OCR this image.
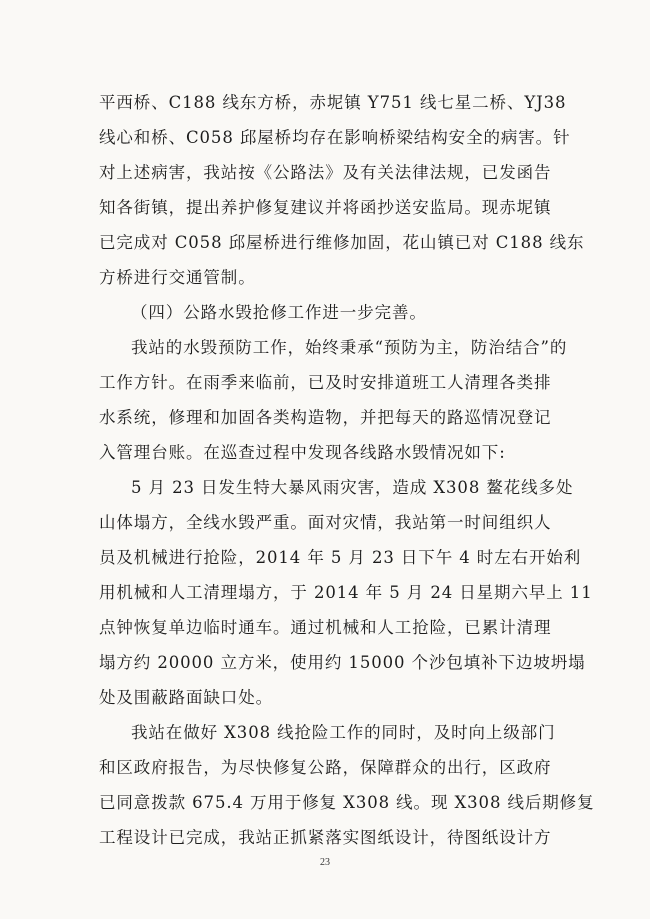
平西桥、C188 线东方桥，赤坭镇 Y751 线七星二桥、YJ38
线心和桥、C058 邱屋桥均存在影响桥梁结构安全的病害。针
对上述病害，我站按《公路法》及有关法律法规，已发函告
知各街镇，提出养护修复建议并将函抄送安监局。现赤坭镇
已完成对 C058 邱屋桥进行维修加固，花山镇已对 C188 线东
方桥进行交通管制。
（四）公路水毁抢修工作进一步完善。
我站的水毁预防工作，始终秉承“预防为主，防治结合”的
工作方针。在雨季来临前，已及时安排道班工人清理各类排
水系统，修理和加固各类构造物，并把每天的路巡情况登记
入管理台账。在巡查过程中发现各线路水毁情况如下:
5 月 23 日发生特大暴风雨灾害，造成 X308 鳌花线多处
山体塌方，全线水毁严重。面对灾情，我站第一时间组织人
员及机械进行抢险，2014 年 5 月 23 日下午 4 时左右开始利
用机械和人工清理塌方，于 2014 年 5 月 24 日星期六早上 11
点钟恢复单边临时通车。通过机械和人工抢险，已累计清理
塌方约 20000 立方米，使用约 15000 个沙包填补下边坡坍塌
处及围蔽路面缺口处。
我站在做好 X308 线抢险工作的同时，及时向上级部门
和区政府报告，为尽快修复公路，保障群众的出行，区政府
已同意拨款 675.4 万用于修复 X308 线。现 X308 线后期修复
工程设计已完成，我站正抓紧落实图纸设计，待图纸设计方
23
